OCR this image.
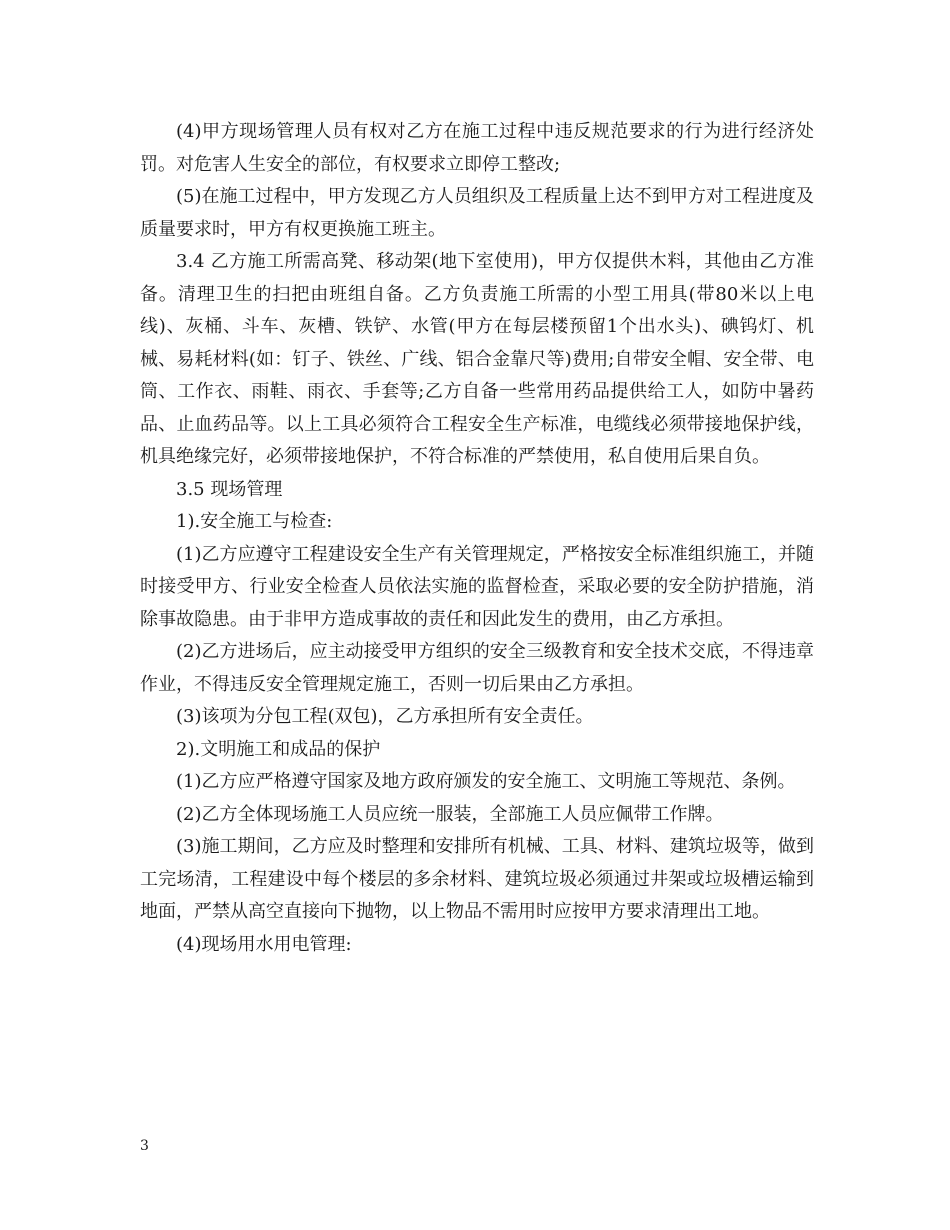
(4)甲方现场管理人员有权对乙方在施工过程中违反规范要求的行为进行经济处罚。对危害人生安全的部位，有权要求立即停工整改;

(5)在施工过程中，甲方发现乙方人员组织及工程质量上达不到甲方对工程进度及质量要求时，甲方有权更换施工班主。

3.4 乙方施工所需高凳、移动架(地下室使用)，甲方仅提供木料，其他由乙方准备。清理卫生的扫把由班组自备。乙方负责施工所需的小型工用具(带80米以上电线)、灰桶、斗车、灰槽、铁铲、水管(甲方在每层楼预留1个出水头)、碘钨灯、机械、易耗材料(如：钉子、铁丝、广线、铝合金靠尺等)费用;自带安全帽、安全带、电筒、工作衣、雨鞋、雨衣、手套等;乙方自备一些常用药品提供给工人，如防中暑药品、止血药品等。以上工具必须符合工程安全生产标准，电缆线必须带接地保护线，机具绝缘完好，必须带接地保护，不符合标准的严禁使用，私自使用后果自负。

3.5 现场管理

1).安全施工与检查:

(1)乙方应遵守工程建设安全生产有关管理规定，严格按安全标准组织施工，并随时接受甲方、行业安全检查人员依法实施的监督检查，采取必要的安全防护措施，消除事故隐患。由于非甲方造成事故的责任和因此发生的费用，由乙方承担。

(2)乙方进场后，应主动接受甲方组织的安全三级教育和安全技术交底，不得违章作业，不得违反安全管理规定施工，否则一切后果由乙方承担。

(3)该项为分包工程(双包)，乙方承担所有安全责任。

2).文明施工和成品的保护

(1)乙方应严格遵守国家及地方政府颁发的安全施工、文明施工等规范、条例。

(2)乙方全体现场施工人员应统一服装，全部施工人员应佩带工作牌。

(3)施工期间，乙方应及时整理和安排所有机械、工具、材料、建筑垃圾等，做到工完场清，工程建设中每个楼层的多余材料、建筑垃圾必须通过井架或垃圾槽运输到地面，严禁从高空直接向下抛物，以上物品不需用时应按甲方要求清理出工地。

(4)现场用水用电管理:

3
